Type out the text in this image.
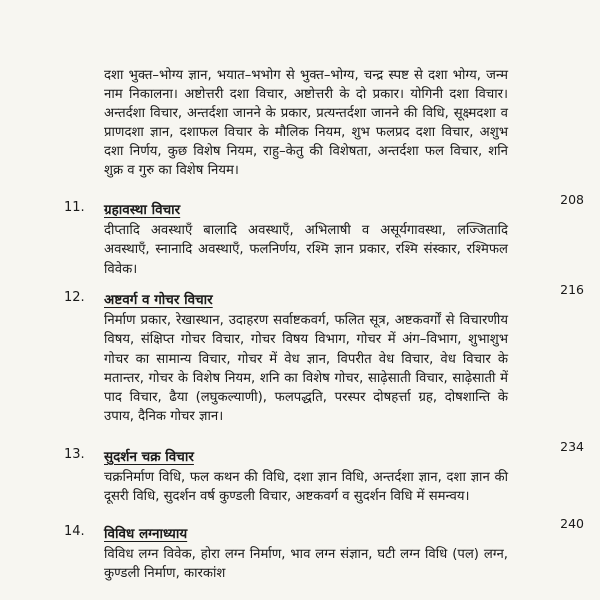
दशा भुक्त–भोग्य ज्ञान, भयात–भभोग से भुक्त–भोग्य, चन्द्र स्पष्ट से दशा भोग्य, जन्म नाम निकालना। अष्टोत्तरी दशा विचार, अष्टोत्तरी के दो प्रकार। योगिनी दशा विचार। अन्तर्दशा विचार, अन्तर्दशा जानने के प्रकार, प्रत्यन्तर्दशा जानने की विधि, सूक्ष्मदशा व प्राणदशा ज्ञान, दशाफल विचार के मौलिक नियम, शुभ फलप्रद दशा विचार, अशुभ दशा निर्णय, कुछ विशेष नियम, राहु–केतु की विशेषता, अन्तर्दशा फल विचार, शनि शुक्र व गुरु का विशेष नियम।

11. ग्रहावस्था विचार
208

दीप्तादि अवस्थाएँ बालादि अवस्थाएँ, अभिलाषी व असूर्यगावस्था, लज्जितादि अवस्थाएँ, स्नानादि अवस्थाएँ, फलनिर्णय, रश्मि ज्ञान प्रकार, रश्मि संस्कार, रश्मिफल विवेक।

12. अष्टवर्ग व गोचर विचार
216

निर्माण प्रकार, रेखास्थान, उदाहरण सर्वाष्टकवर्ग, फलित सूत्र, अष्टकवर्गों से विचारणीय विषय, संक्षिप्त गोचर विचार, गोचर विषय विभाग, गोचर में अंग–विभाग, शुभाशुभ गोचर का सामान्य विचार, गोचर में वेध ज्ञान, विपरीत वेध विचार, वेध विचार के मतान्तर, गोचर के विशेष नियम, शनि का विशेष गोचर, साढ़ेसाती विचार, साढ़ेसाती में पाद विचार, ढैया (लघुकल्याणी), फलपद्धति, परस्पर दोषहर्त्ता ग्रह, दोषशान्ति के उपाय, दैनिक गोचर ज्ञान।

13. सुदर्शन चक्र विचार
234

चक्रनिर्माण विधि, फल कथन की विधि, दशा ज्ञान विधि, अन्तर्दशा ज्ञान, दशा ज्ञान की दूसरी विधि, सुदर्शन वर्ष कुण्डली विचार, अष्टकवर्ग व सुदर्शन विधि में समन्वय।

14. विविध लग्नाध्याय
240

विविध लग्न विवेक, होरा लग्न निर्माण, भाव लग्न संज्ञान, घटी लग्न विधि (पल) लग्न, कुण्डली निर्माण, कारकांश
